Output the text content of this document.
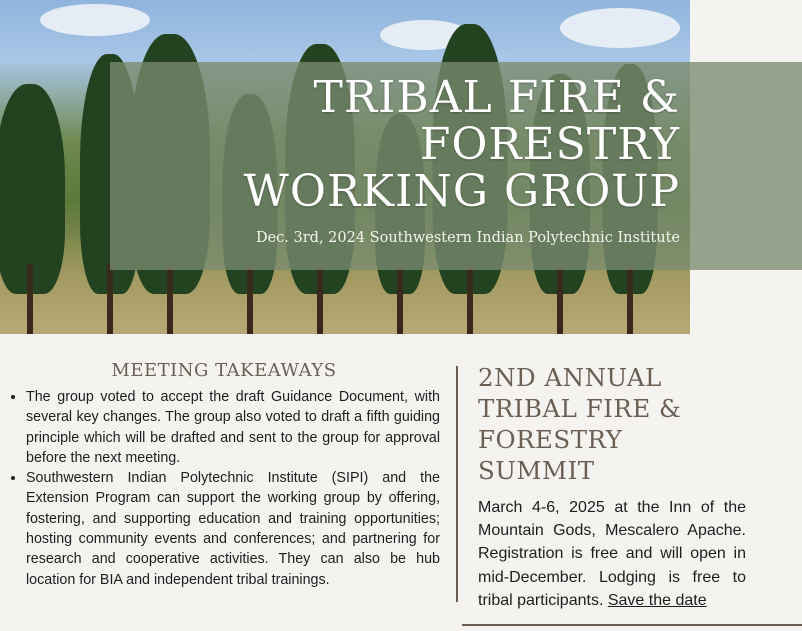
TRIBAL FIRE &
FORESTRY
WORKING GROUP

Dec. 3rd, 2024 Southwestern Indian Polytechnic Institute

MEETING TAKEAWAYS
• The group voted to accept the draft Guidance Document, with several key changes. The group also voted to draft a fifth guiding principle which will be drafted and sent to the group for approval before the next meeting.
• Southwestern Indian Polytechnic Institute (SIPI) and the Extension Program can support the working group by offering, fostering, and supporting education and training opportunities; hosting community events and conferences; and partnering for research and cooperative activities. They can also be hub location for BIA and independent tribal trainings.
2ND ANNUAL
TRIBAL FIRE &
FORESTRY SUMMIT

March 4-6, 2025 at the Inn of the Mountain Gods, Mescalero Apache. Registration is free and will open in mid-December. Lodging is free to tribal participants. Save the date
